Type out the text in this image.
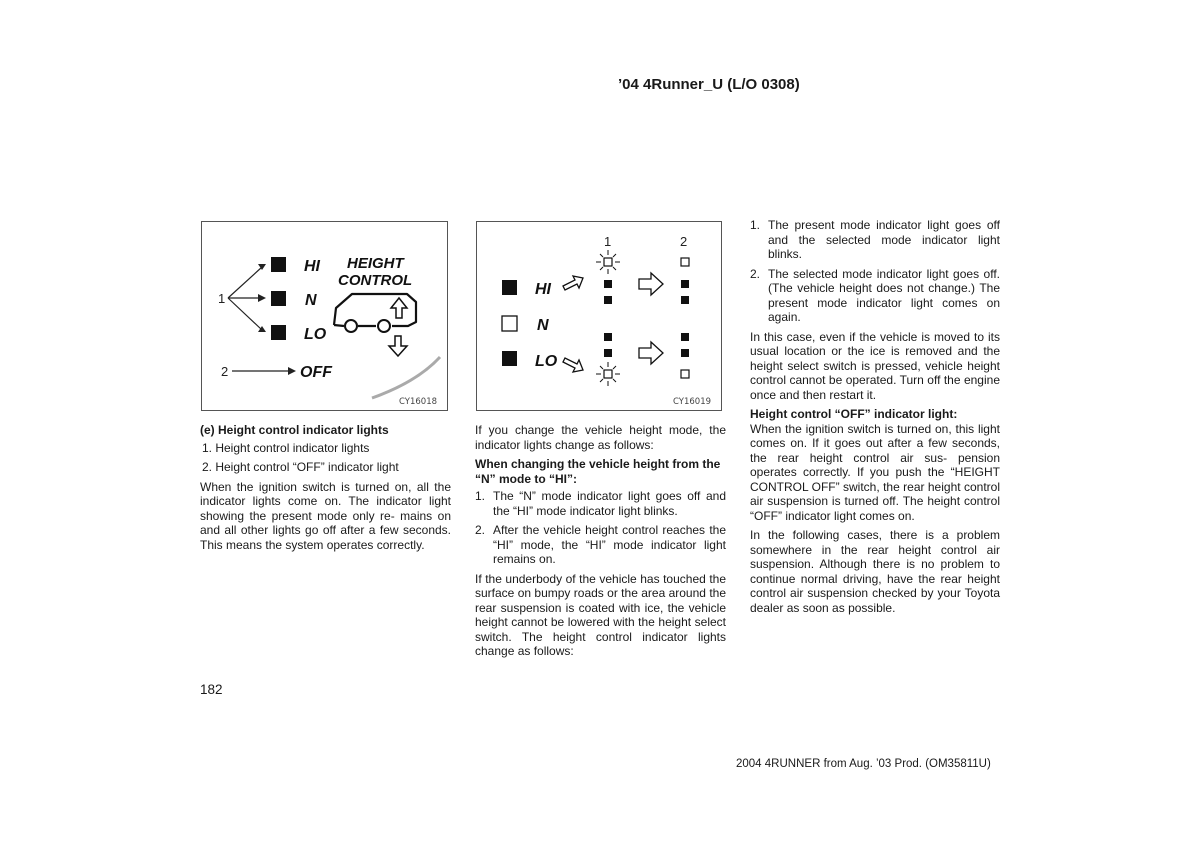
’04 4Runner_U (L/O 0308)
1
HI
N
LO
HEIGHT
CONTROL
2	OFF
CY16018
HI
N
LO
1	2
CY16019

(e) Height control indicator lights

1. Height control indicator lights

2. Height control “OFF” indicator light

When the ignition switch is turned on, all the indicator lights come on. The indicator light showing the present mode only re- mains on and all other lights go off after a few seconds. This means the system operates correctly.

If you change the vehicle height mode, the indicator lights change as follows:

When changing the vehicle height from the “N” mode to “HI”:

1. The “N” mode indicator light goes off and the “HI” mode indicator light blinks.
2. After the vehicle height control reaches the “HI” mode, the “HI” mode indicator light remains on.

If the underbody of the vehicle has touched the surface on bumpy roads or the area around the rear suspension is coated with ice, the vehicle height cannot be lowered with the height select switch. The height control indicator lights change as follows:

1. The present mode indicator light goes off and the selected mode indicator light blinks.
2. The selected mode indicator light goes off. (The vehicle height does not change.) The present mode indicator light comes on again.

In this case, even if the vehicle is moved to its usual location or the ice is removed and the height select switch is pressed, vehicle height control cannot be operated. Turn off the engine once and then restart it.

Height control “OFF” indicator light:

When the ignition switch is turned on, this light comes on. If it goes out after a few seconds, the rear height control air sus- pension operates correctly. If you push the “HEIGHT CONTROL OFF” switch, the rear height control air suspension is turned off. The height control “OFF” indicator light comes on.

In the following cases, there is a problem somewhere in the rear height control air suspension. Although there is no problem to continue normal driving, have the rear height control air suspension checked by your Toyota dealer as soon as possible.

182
2004 4RUNNER from Aug. ’03 Prod. (OM35811U)
